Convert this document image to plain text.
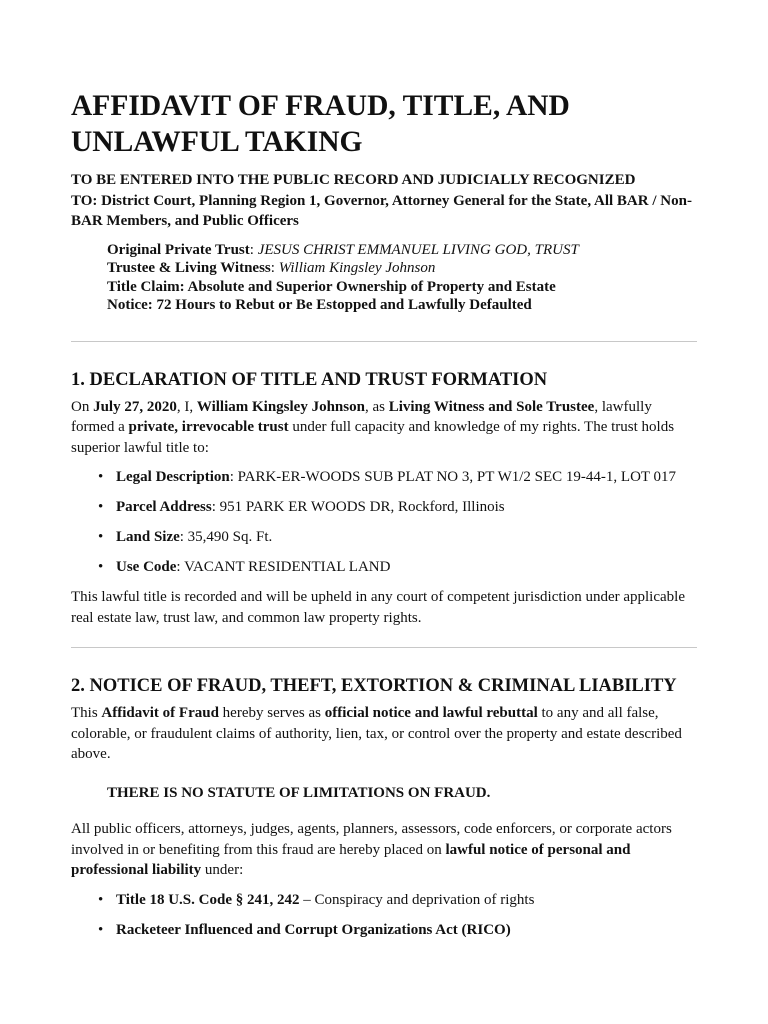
AFFIDAVIT OF FRAUD, TITLE, AND UNLAWFUL TAKING

TO BE ENTERED INTO THE PUBLIC RECORD AND JUDICIALLY RECOGNIZED

TO: District Court, Planning Region 1, Governor, Attorney General for the State, All BAR / Non-BAR Members, and Public Officers

Original Private Trust: JESUS CHRIST EMMANUEL LIVING GOD, TRUST
Trustee & Living Witness: William Kingsley Johnson
Title Claim: Absolute and Superior Ownership of Property and Estate
Notice: 72 Hours to Rebut or Be Estopped and Lawfully Defaulted
1. DECLARATION OF TITLE AND TRUST FORMATION

On July 27, 2020, I, William Kingsley Johnson, as Living Witness and Sole Trustee, lawfully formed a private, irrevocable trust under full capacity and knowledge of my rights. The trust holds superior lawful title to:

• Legal Description: PARK-ER-WOODS SUB PLAT NO 3, PT W1/2 SEC 19-44-1, LOT 017
• Parcel Address: 951 PARK ER WOODS DR, Rockford, Illinois
• Land Size: 35,490 Sq. Ft.
• Use Code: VACANT RESIDENTIAL LAND

This lawful title is recorded and will be upheld in any court of competent jurisdiction under applicable real estate law, trust law, and common law property rights.

2. NOTICE OF FRAUD, THEFT, EXTORTION & CRIMINAL LIABILITY

This Affidavit of Fraud hereby serves as official notice and lawful rebuttal to any and all false, colorable, or fraudulent claims of authority, lien, tax, or control over the property and estate described above.

THERE IS NO STATUTE OF LIMITATIONS ON FRAUD.

All public officers, attorneys, judges, agents, planners, assessors, code enforcers, or corporate actors involved in or benefiting from this fraud are hereby placed on lawful notice of personal and professional liability under:

• Title 18 U.S. Code § 241, 242 – Conspiracy and deprivation of rights
• Racketeer Influenced and Corrupt Organizations Act (RICO)
